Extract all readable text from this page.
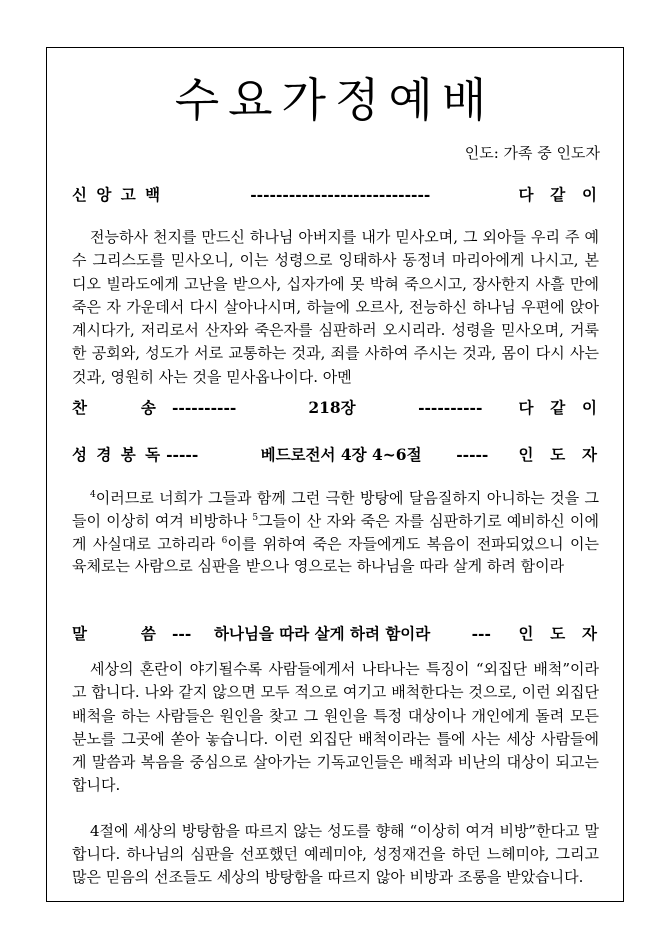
수요가정예배
인도: 가족 중 인도자
신 앙 고 백	----------------------------	다  같  이

전능하사 천지를 만드신 하나님 아버지를 내가 믿사오며, 그 외아들 우리 주 예수 그리스도를 믿사오니, 이는 성령으로 잉태하사 동정녀 마리아에게 나시고, 본디오 빌라도에게 고난을 받으사, 십자가에 못 박혀 죽으시고, 장사한지 사흘 만에 죽은 자 가운데서 다시 살아나시며, 하늘에 오르사, 전능하신 하나님 우편에 앉아 계시다가, 저리로서 산자와 죽은자를 심판하러 오시리라. 성령을 믿사오며, 거룩한 공회와, 성도가 서로 교통하는 것과, 죄를 사하여 주시는 것과, 몸이 다시 사는 것과, 영원히 사는 것을 믿사옵나이다. 아멘

찬          송	----------	218장	----------	다  같  이
성 경 봉 독 -----	베드로전서 4장 4~6절	-----	인  도  자

$^4$이러므로 너희가 그들과 함께 그런 극한 방탕에 달음질하지 아니하는 것을 그들이 이상히 여겨 비방하나 $^5$그들이 산 자와 죽은 자를 심판하기로 예비하신 이에게 사실대로 고하리라 $^6$이를 위하여 죽은 자들에게도 복음이 전파되었으니 이는 육체로는 사람으로 심판을 받으나 영으로는 하나님을 따라 살게 하려 함이라

말          씀	---	하나님을 따라 살게 하려 함이라	---	인  도  자

세상의 혼란이 야기될수록 사람들에게서 나타나는 특징이 “외집단 배척”이라고 합니다. 나와 같지 않으면 모두 적으로 여기고 배척한다는 것으로, 이런 외집단 배척을 하는 사람들은 원인을 찾고 그 원인을 특정 대상이나 개인에게 돌려 모든 분노를 그곳에 쏟아 놓습니다. 이런 외집단 배척이라는 틀에 사는 세상 사람들에게 말씀과 복음을 중심으로 살아가는 기독교인들은 배척과 비난의 대상이 되고는 합니다.

4절에 세상의 방탕함을 따르지 않는 성도를 향해 “이상히 여겨 비방”한다고 말합니다. 하나님의 심판을 선포했던 예레미야, 성정재건을 하던 느헤미야, 그리고 많은 믿음의 선조들도 세상의 방탕함을 따르지 않아 비방과 조롱을 받았습니다.
